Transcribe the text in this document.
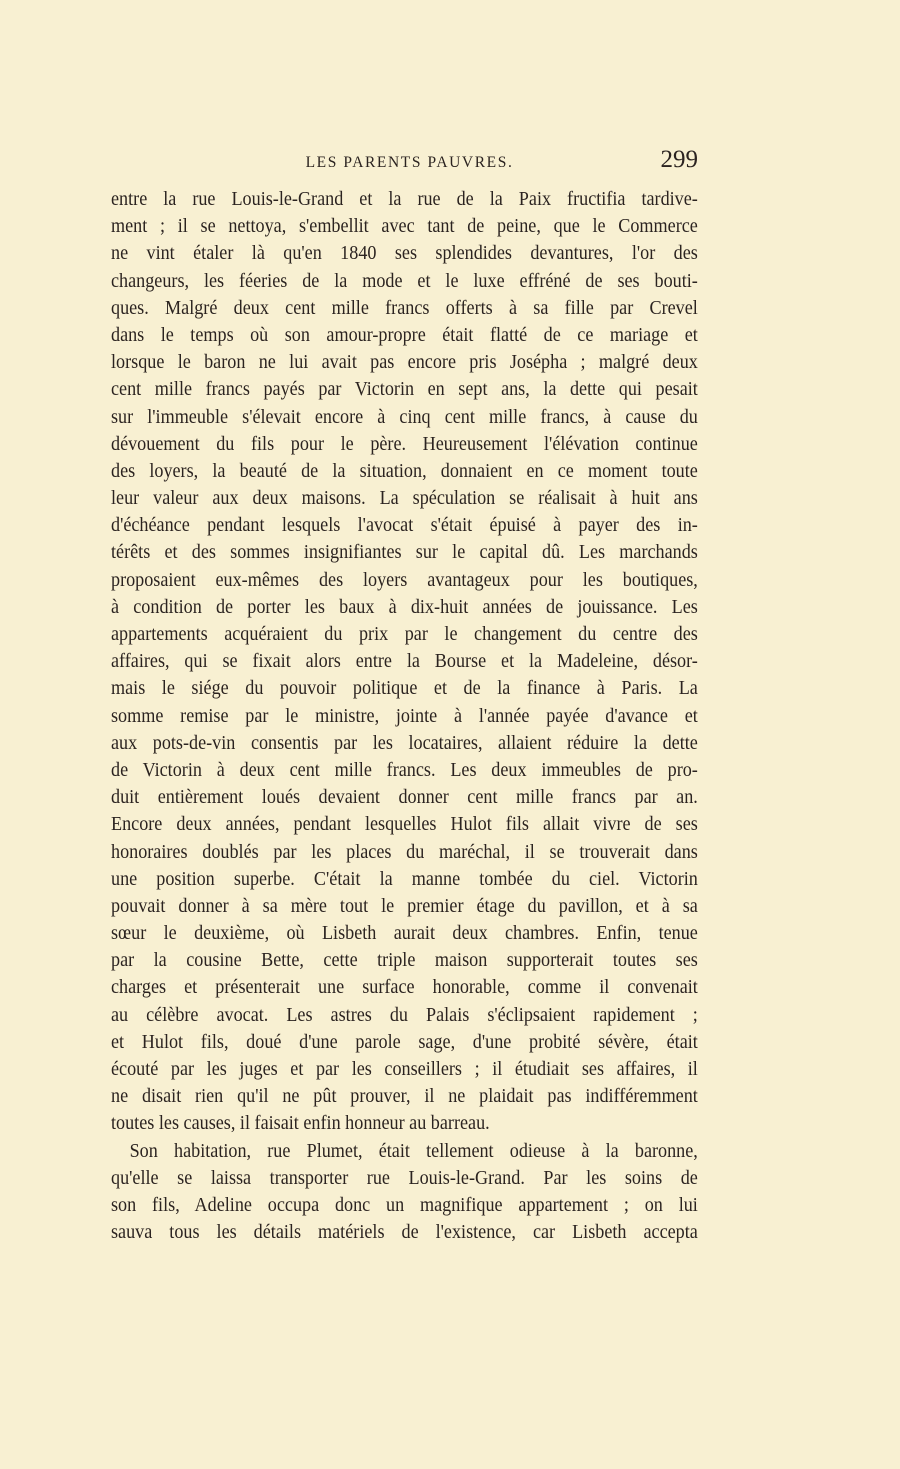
LES PARENTS PAUVRES.	299
entre la rue Louis-le-Grand et la rue de la Paix fructifia tardive-
ment ; il se nettoya, s'embellit avec tant de peine, que le Commerce
ne vint étaler là qu'en 1840 ses splendides devantures, l'or des
changeurs, les féeries de la mode et le luxe effréné de ses bouti-
ques. Malgré deux cent mille francs offerts à sa fille par Crevel
dans le temps où son amour-propre était flatté de ce mariage et
lorsque le baron ne lui avait pas encore pris Josépha ; malgré deux
cent mille francs payés par Victorin en sept ans, la dette qui pesait
sur l'immeuble s'élevait encore à cinq cent mille francs, à cause du
dévouement du fils pour le père. Heureusement l'élévation continue
des loyers, la beauté de la situation, donnaient en ce moment toute
leur valeur aux deux maisons. La spéculation se réalisait à huit ans
d'échéance pendant lesquels l'avocat s'était épuisé à payer des in-
térêts et des sommes insignifiantes sur le capital dû. Les marchands
proposaient eux-mêmes des loyers avantageux pour les boutiques,
à condition de porter les baux à dix-huit années de jouissance. Les
appartements acquéraient du prix par le changement du centre des
affaires, qui se fixait alors entre la Bourse et la Madeleine, désor-
mais le siége du pouvoir politique et de la finance à Paris. La
somme remise par le ministre, jointe à l'année payée d'avance et
aux pots-de-vin consentis par les locataires, allaient réduire la dette
de Victorin à deux cent mille francs. Les deux immeubles de pro-
duit entièrement loués devaient donner cent mille francs par an.
Encore deux années, pendant lesquelles Hulot fils allait vivre de ses
honoraires doublés par les places du maréchal, il se trouverait dans
une position superbe. C'était la manne tombée du ciel. Victorin
pouvait donner à sa mère tout le premier étage du pavillon, et à sa
sœur le deuxième, où Lisbeth aurait deux chambres. Enfin, tenue
par la cousine Bette, cette triple maison supporterait toutes ses
charges et présenterait une surface honorable, comme il convenait
au célèbre avocat. Les astres du Palais s'éclipsaient rapidement ;
et Hulot fils, doué d'une parole sage, d'une probité sévère, était
écouté par les juges et par les conseillers ; il étudiait ses affaires, il
ne disait rien qu'il ne pût prouver, il ne plaidait pas indifféremment
toutes les causes, il faisait enfin honneur au barreau.
Son habitation, rue Plumet, était tellement odieuse à la baronne,
qu'elle se laissa transporter rue Louis-le-Grand. Par les soins de
son fils, Adeline occupa donc un magnifique appartement ; on lui
sauva tous les détails matériels de l'existence, car Lisbeth accepta
